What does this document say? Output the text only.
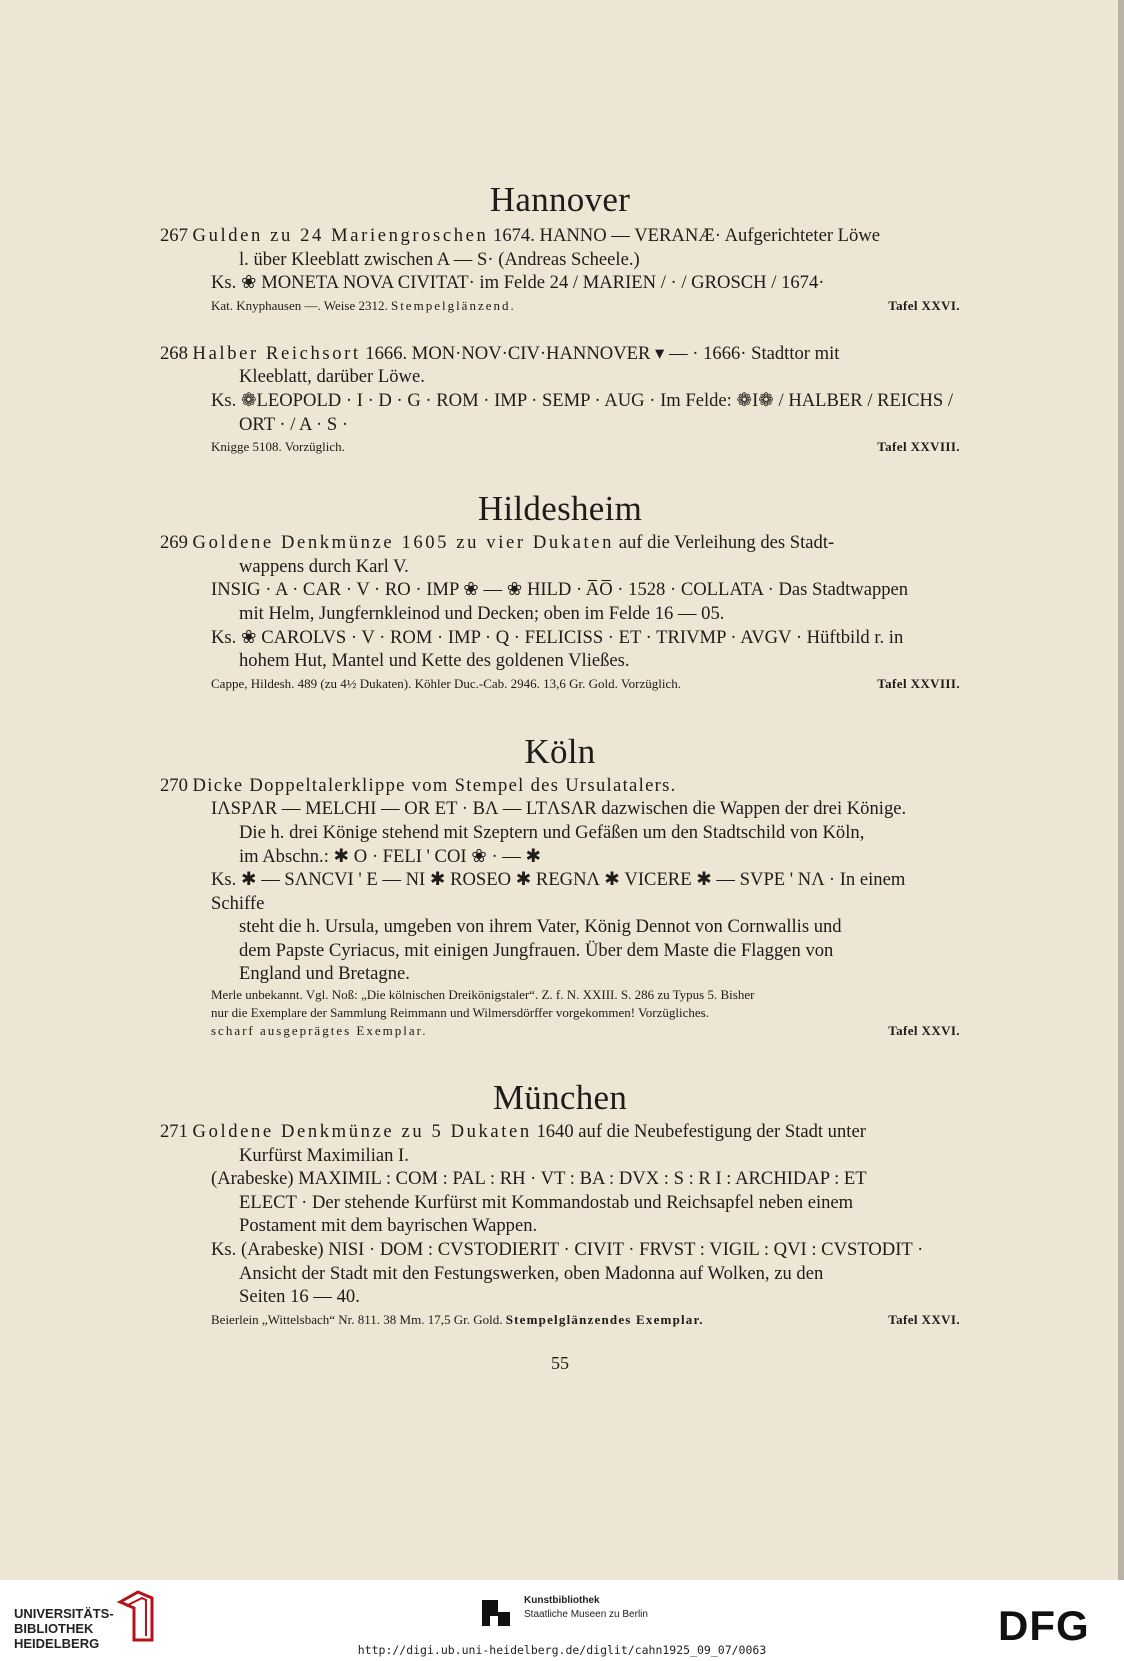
Hannover
267 Gulden zu 24 Mariengroschen 1674. HANNO — VERANÆ· Aufgerichteter Löwe
l. über Kleeblatt zwischen A — S· (Andreas Scheele.)
Ks. ❀ MONETA NOVA CIVITAT· im Felde 24 / MARIEN / · / GROSCH / 1674·
Kat. Knyphausen —. Weise 2312. Stempelglänzend.	Tafel XXVI.
268 Halber Reichsort 1666. MON·NOV·CIV·HANNOVER ▾ — · 1666· Stadttor mit
Kleeblatt, darüber Löwe.
Ks. ❁LEOPOLD · I · D · G · ROM · IMP · SEMP · AUG · Im Felde: ❁I❁ / HALBER / REICHS /
ORT · / A · S ·
Knigge 5108. Vorzüglich.	Tafel XXVIII.
Hildesheim
269 Goldene Denkmünze 1605 zu vier Dukaten auf die Verleihung des Stadt-
wappens durch Karl V.
INSIG · A · CAR · V · RO · IMP ❀ — ❀ HILD · A̅O̅ · 1528 · COLLATA · Das Stadtwappen
mit Helm, Jungfernkleinod und Decken; oben im Felde 16 — 05.
Ks. ❀ CAROLVS · V · ROM · IMP · Q · FELICISS · ET · TRIVMP · AVGV · Hüftbild r. in
hohem Hut, Mantel und Kette des goldenen Vließes.
Cappe, Hildesh. 489 (zu 4½ Dukaten). Köhler Duc.-Cab. 2946. 13,6 Gr. Gold. Vorzüglich.	Tafel XXVIII.
Köln
270 Dicke Doppeltalerklippe vom Stempel des Ursulatalers.
IΛSPΛR — MELCHI — OR ET · BΛ — LTΛSΛR dazwischen die Wappen der drei Könige.
Die h. drei Könige stehend mit Szeptern und Gefäßen um den Stadtschild von Köln,
im Abschn.: ✱ O · FELI ' COI ❀ · — ✱
Ks. ✱ — SΛNCVI ' E — NI ✱ ROSEO ✱ REGNΛ ✱ VICERE ✱ — SVPE ' NΛ · In einem Schiffe
steht die h. Ursula, umgeben von ihrem Vater, König Dennot von Cornwallis und
dem Papste Cyriacus, mit einigen Jungfrauen. Über dem Maste die Flaggen von
England und Bretagne.
Merle unbekannt. Vgl. Noß: „Die kölnischen Dreikönigstaler“. Z. f. N. XXIII. S. 286 zu Typus 5. Bisher
nur die Exemplare der Sammlung Reimmann und Wilmersdörffer vorgekommen! Vorzügliches.
scharf ausgeprägtes Exemplar.	Tafel XXVI.
München
271 Goldene Denkmünze zu 5 Dukaten 1640 auf die Neubefestigung der Stadt unter
Kurfürst Maximilian I.
(Arabeske) MAXIMIL : COM : PAL : RH · VT : BA : DVX : S : R I : ARCHIDAP : ET
ELECT · Der stehende Kurfürst mit Kommandostab und Reichsapfel neben einem
Postament mit dem bayrischen Wappen.
Ks. (Arabeske) NISI · DOM : CVSTODIERIT · CIVIT · FRVST : VIGIL : QVI : CVSTODIT ·
Ansicht der Stadt mit den Festungswerken, oben Madonna auf Wolken, zu den
Seiten 16 — 40.
Beierlein „Wittelsbach“ Nr. 811. 38 Mm. 17,5 Gr. Gold. Stempelglänzendes Exemplar.	Tafel XXVI.
55
UNIVERSITÄTS-
BIBLIOTHEK
HEIDELBERG
Kunstbibliothek
Staatliche Museen zu Berlin	DFG
http://digi.ub.uni-heidelberg.de/diglit/cahn1925_09_07/0063
